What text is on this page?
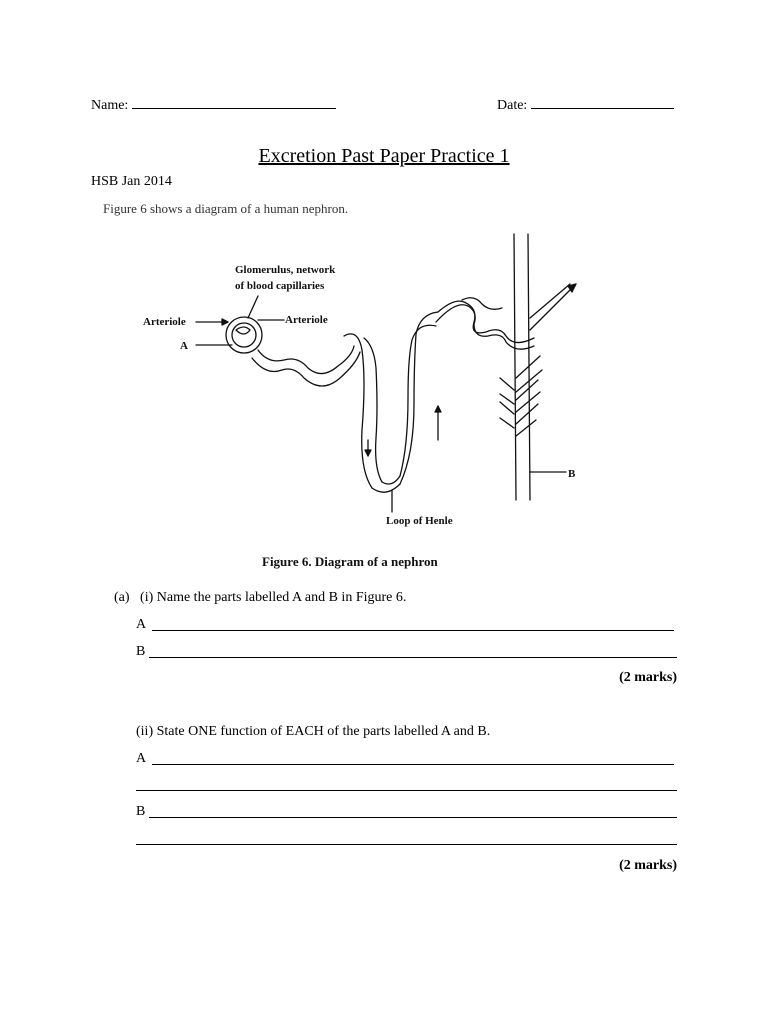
Name:	Date:
Excretion Past Paper Practice 1
HSB Jan 2014
Figure 6 shows a diagram of a human nephron.
Glomerulus, network
of blood capillaries
Arteriole	Arteriole
A
B
Loop of Henle
Figure 6. Diagram of a nephron
(a)   (i) Name the parts labelled A and B in Figure 6.
A
B
(2 marks)
(ii) State ONE function of EACH of the parts labelled A and B.
A
B
(2 marks)
